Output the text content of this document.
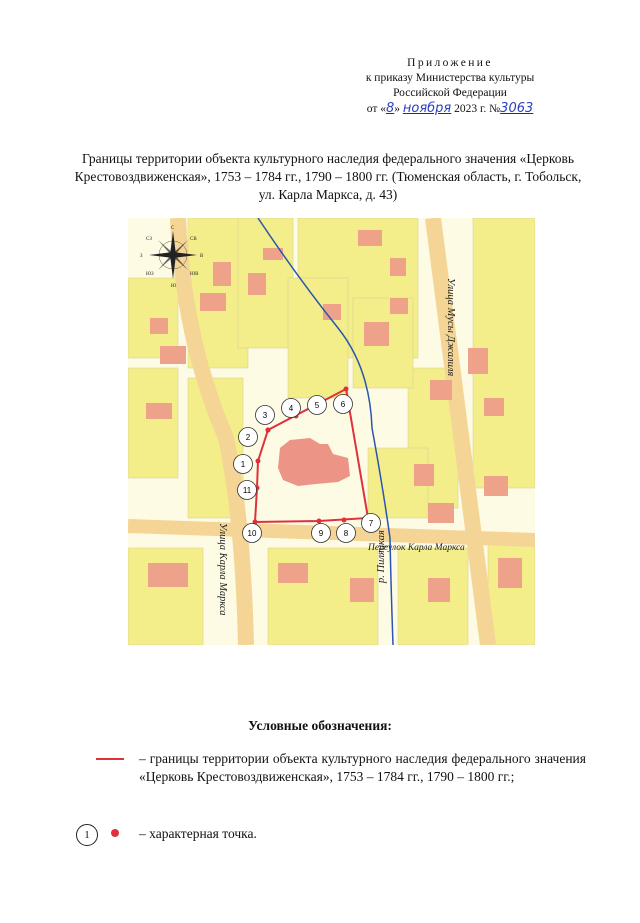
Приложение
к приказу Министерства культуры
Российской Федерации
от «8» ноября 2023 г. №3063
Границы территории объекта культурного наследия федерального значения «Церковь Крестовоздвиженская», 1753 – 1784 гг., 1790 – 1800 гг. (Тюменская область, г. Тобольск, ул. Карла Маркса, д. 43)
С
Ю
З	В
СЗ	СВ
ЮЗ	ЮВ
Улица Карла Маркса
Улица Мусы Джалиля
Переулок Карла Маркса
р. Пиляцкая
1
2
3
4	5	6
7
8
9
10
11
Условные обозначения:
– границы территории объекта культурного наследия федерального значения «Церковь Крестовоздвиженская», 1753 – 1784 гг., 1790 – 1800 гг.;
1	– характерная точка.
